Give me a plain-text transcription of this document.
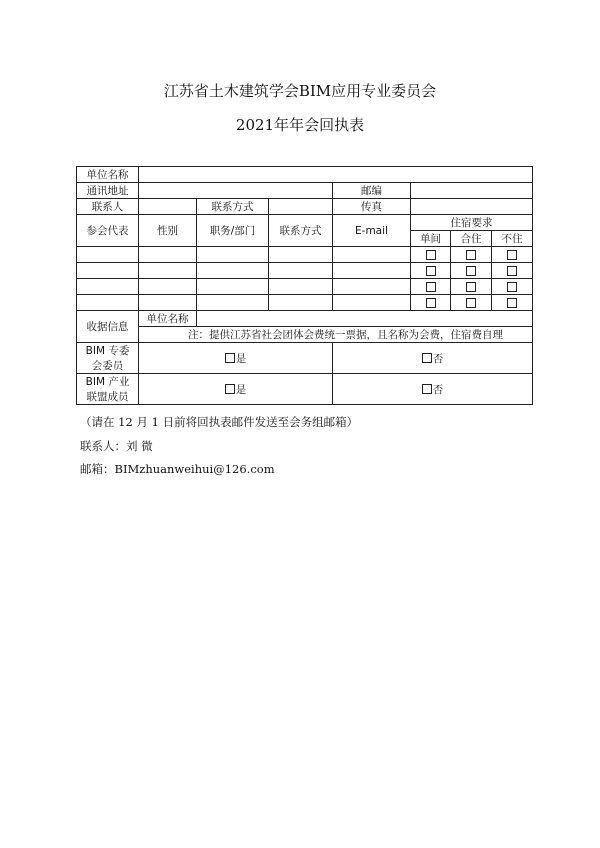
江苏省土木建筑学会BIM应用专业委员会
2021年年会回执表
单位名称							
通讯地址				邮编			
联系人		联系方式		传真			
参会代表	性别	职务/部门	联系方式	E-mail	住宿要求		
					单间	合住	不住

收据信息	单位名称						
	注：提供江苏省社会团体会费统一票据，且名称为会费，住宿费自理						

BIM 专委
会委员	是			否			

BIM 产业
联盟成员	是			否			
（请在 12 月 1 日前将回执表邮件发送至会务组邮箱）
联系人：刘 微
邮箱：BIMzhuanweihui@126.com
